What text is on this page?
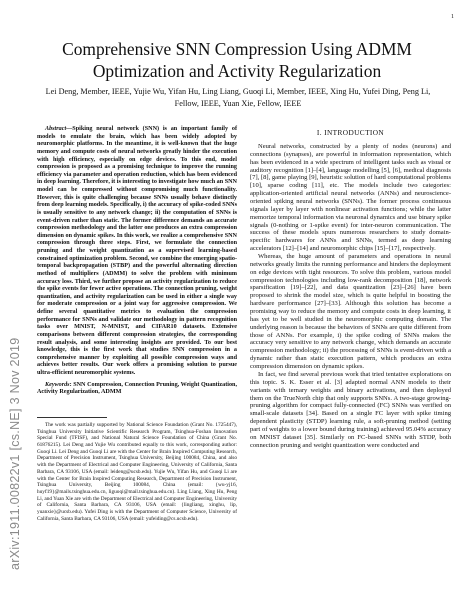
1
arXiv:1911.00822v1 [cs.NE] 3 Nov 2019
Comprehensive SNN Compression Using ADMM Optimization and Activity Regularization
Lei Deng, Member, IEEE, Yujie Wu, Yifan Hu, Ling Liang, Guoqi Li, Member, IEEE, Xing Hu, Yufei Ding, Peng Li, Fellow, IEEE, Yuan Xie, Fellow, IEEE

Abstract—Spiking neural network (SNN) is an important family of models to emulate the brain, which has been widely adopted by neuromorphic platforms. In the meantime, it is well-known that the huge memory and compute costs of neural networks greatly hinder the execution with high efficiency, especially on edge devices. To this end, model compression is proposed as a promising technique to improve the running efficiency via parameter and operation reduction, which has been evidenced in deep learning. Therefore, it is interesting to investigate how much an SNN model can be compressed without compromising much functionality. However, this is quite challenging because SNNs usually behave distinctly from deep learning models. Specifically, i) the accuracy of spike-coded SNNs is usually sensitive to any network change; ii) the computation of SNNs is event-driven rather than static. The former difference demands an accurate compression methodology and the latter one produces an extra compression dimension on dynamic spikes. In this work, we realize a comprehensive SNN compression through three steps. First, we formulate the connection pruning and the weight quantization as a supervised learning-based constrained optimization problem. Second, we combine the emerging spatio-temporal backpropagation (STBP) and the powerful alternating direction method of multipliers (ADMM) to solve the problem with minimum accuracy loss. Third, we further propose an activity regularization to reduce the spike events for fewer active operations. The connection pruning, weight quantization, and activity regularization can be used in either a single way for moderate compression or a joint way for aggressive compression. We define several quantitative metrics to evaluation the compression performance for SNNs and validate our methodology in pattern recognition tasks over MNIST, N-MNIST, and CIFAR10 datasets. Extensive comparisons between different compression strategies, the corresponding result analysis, and some interesting insights are provided. To our best knowledge, this is the first work that studies SNN compression in a comprehensive manner by exploiting all possible compression ways and achieves better results. Our work offers a promising solution to pursue ultra-efficient neuromorphic systems.

Keywords: SNN Compression, Connection Pruning, Weight Quantization, Activity Regularization, ADMM

The work was partially supported by National Science Foundation (Grant No. 1725447), Tsinghua University Initiative Scientific Research Program, Tsinghua-Foshan Innovation Special Fund (TFISF), and National Natural Science Foundation of China (Grant No. 61876215). Lei Deng and Yujie Wu contributed equally to this work, corresponding author: Guoqi Li. Lei Deng and Guoqi Li are with the Center for Brain Inspired Computing Research, Department of Precision Instrument, Tsinghua University, Beijing 100084, China, and also with the Department of Electrical and Computer Engineering, University of California, Santa Barbara, CA 93106, USA (email: leideng@ucsb.edu). Yujie Wu, Yifan Hu, and Guoqi Li are with the Center for Brain Inspired Computing Research, Department of Precision Instrument, Tsinghua University, Beijing 100084, China (email: {wu-yj16, huyf19}@mails.tsinghua.edu.cn, liguoqi@mail.tsinghua.edu.cn). Ling Liang, Xing Hu, Peng Li, and Yuan Xie are with the Department of Electrical and Computer Engineering, University of California, Santa Barbara, CA 93106, USA (email: {lingliang, xinghu, lip, yuanxie}@ucsb.edu). Yufei Ding is with the Department of Computer Science, University of California, Santa Barbara, CA 93106, USA (email: yufeiding@cs.ucsb.edu).

I. INTRODUCTION

Neural networks, constructed by a plenty of nodes (neurons) and connections (synapses), are powerful in information representation, which has been evidenced in a wide spectrum of intelligent tasks such as visual or auditory recognition [1]–[4], language modelling [5], [6], medical diagnosis [7], [8], game playing [9], heuristic solution of hard computational problems [10], sparse coding [11], etc. The models include two categories: application-oriented artificial neural networks (ANNs) and neuroscience-oriented spiking neural networks (SNNs). The former process continuous signals layer by layer with nonlinear activation functions; while the latter memorize temporal information via neuronal dynamics and use binary spike signals (0-nothing or 1-spike event) for inter-neuron communication. The success of these models spurs numerous researchers to study domain-specific hardwares for ANNs and SNNs, termed as deep learning accelerators [12]–[14] and neuromorphic chips [15]–[17], respectively.

Whereas, the huge amount of parameters and operations in neural networks greatly limits the running performance and hinders the deployment on edge devices with tight resources. To solve this problem, various model compression technologies including low-rank decomposition [18], network sparsification [19]–[22], and data quantization [23]–[26] have been proposed to shrink the model size, which is quite helpful in boosting the hardware performance [27]–[33]. Although this solution has become a promising way to reduce the memory and compute costs in deep learning, it has yet to be well studied in the neuromorphic computing domain. The underlying reason is because the behaviors of SNNs are quite different from those of ANNs. For example, i) the spike coding of SNNs makes the accuracy very sensitive to any network change, which demands an accurate compression methodology; ii) the processing of SNNs is event-driven with a dynamic rather than static execution pattern, which produces an extra compression dimension on dynamic spikes.

In fact, we find several previous work that tried tentative explorations on this topic. S. K. Esser et al. [3] adapted normal ANN models to their variants with ternary weights and binary activations, and then deployed them on the TrueNorth chip that only supports SNNs. A two-stage growing-pruning algorithm for compact fully-connected (FC) SNNs was verified on small-scale datasets [34]. Based on a single FC layer with spike timing dependent plasticity (STDP) learning rule, a soft-pruning method (setting part of weights to a lower bound during training) achieved 95.04% accuracy on MNIST dataset [35]. Similarly on FC-based SNNs with STDP, both connection pruning and weight quantization were conducted and
